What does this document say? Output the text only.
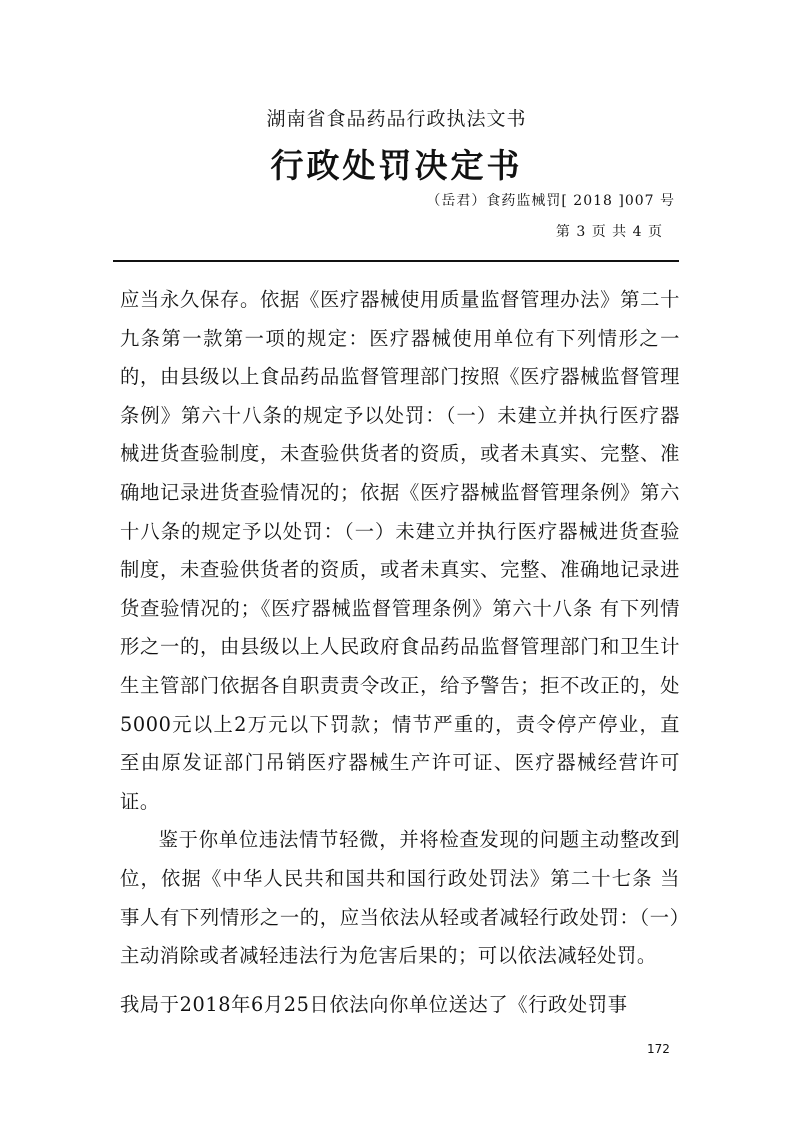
湖南省食品药品行政执法文书
行政处罚决定书
（岳君）食药监械罚[ 2018 ]007 号
第 3 页 共 4 页

应当永久保存。依据《医疗器械使用质量监督管理办法》第二十九条第一款第一项的规定：医疗器械使用单位有下列情形之一的，由县级以上食品药品监督管理部门按照《医疗器械监督管理条例》第六十八条的规定予以处罚：（一）未建立并执行医疗器械进货查验制度，未查验供货者的资质，或者未真实、完整、准确地记录进货查验情况的；依据《医疗器械监督管理条例》第六十八条的规定予以处罚：（一）未建立并执行医疗器械进货查验制度，未查验供货者的资质，或者未真实、完整、准确地记录进货查验情况的；《医疗器械监督管理条例》第六十八条 有下列情形之一的，由县级以上人民政府食品药品监督管理部门和卫生计生主管部门依据各自职责责令改正，给予警告；拒不改正的，处5000元以上2万元以下罚款；情节严重的，责令停产停业，直至由原发证部门吊销医疗器械生产许可证、医疗器械经营许可证。

鉴于你单位违法情节轻微，并将检查发现的问题主动整改到位，依据《中华人民共和国共和国行政处罚法》第二十七条 当事人有下列情形之一的，应当依法从轻或者减轻行政处罚：（一）主动消除或者减轻违法行为危害后果的；可以依法减轻处罚。

我局于2018年6月25日依法向你单位送达了《行政处罚事

172
